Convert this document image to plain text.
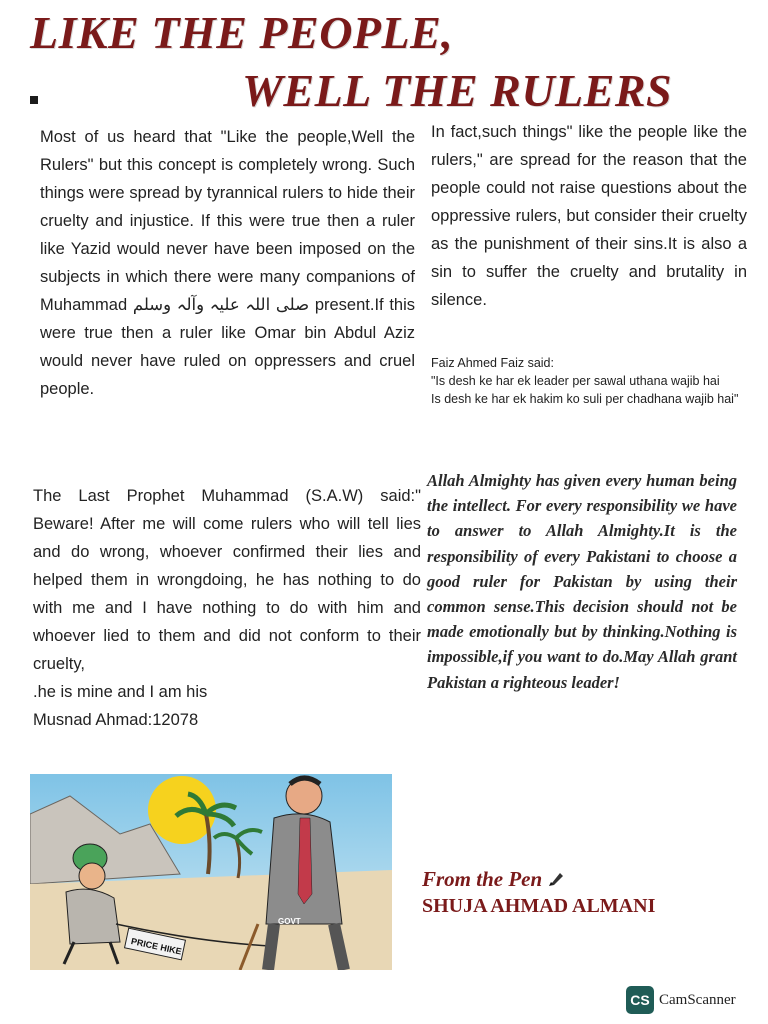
LIKE THE PEOPLE,
WELL THE RULERS

Most of us heard that "Like the people,Well the Rulers" but this concept is completely wrong. Such things were spread by tyrannical rulers to hide their cruelty and injustice. If this were true then a ruler like Yazid would never have been imposed on the subjects in which there were many companions of Muhammad صلی اللہ علیہ وآلہ وسلم present.If this were true then a ruler like Omar bin Abdul Aziz would never have ruled on oppressers and cruel people.

The Last Prophet Muhammad (S.A.W) said:" Beware! After me will come rulers who will tell lies and do wrong, whoever confirmed their lies and helped them in wrongdoing, he has nothing to do with me and I have nothing to do with him and whoever lied to them and did not conform to their cruelty,
.he is mine and I am his
Musnad Ahmad:12078

In fact,such things" like the people like the rulers," are spread for the reason that the people could not raise questions about the oppressive rulers, but consider their cruelty as the punishment of their sins.It is also a sin to suffer the cruelty and brutality in silence.

Faiz Ahmed Faiz said:
"Is desh ke har ek leader per sawal uthana wajib hai
Is desh ke har ek hakim ko suli per chadhana wajib hai"

Allah Almighty has given every human being the intellect. For every responsibility we have to answer to Allah Almighty.It is the responsibility of every Pakistani to choose a good ruler for Pakistan by using their common sense.This decision should not be made emotionally but by thinking.Nothing is impossible,if you want to do.May Allah grant Pakistan a righteous leader!

PRICE HIKE
GOVT
From the Pen
SHUJA AHMAD ALMANI
CS CamScanner
